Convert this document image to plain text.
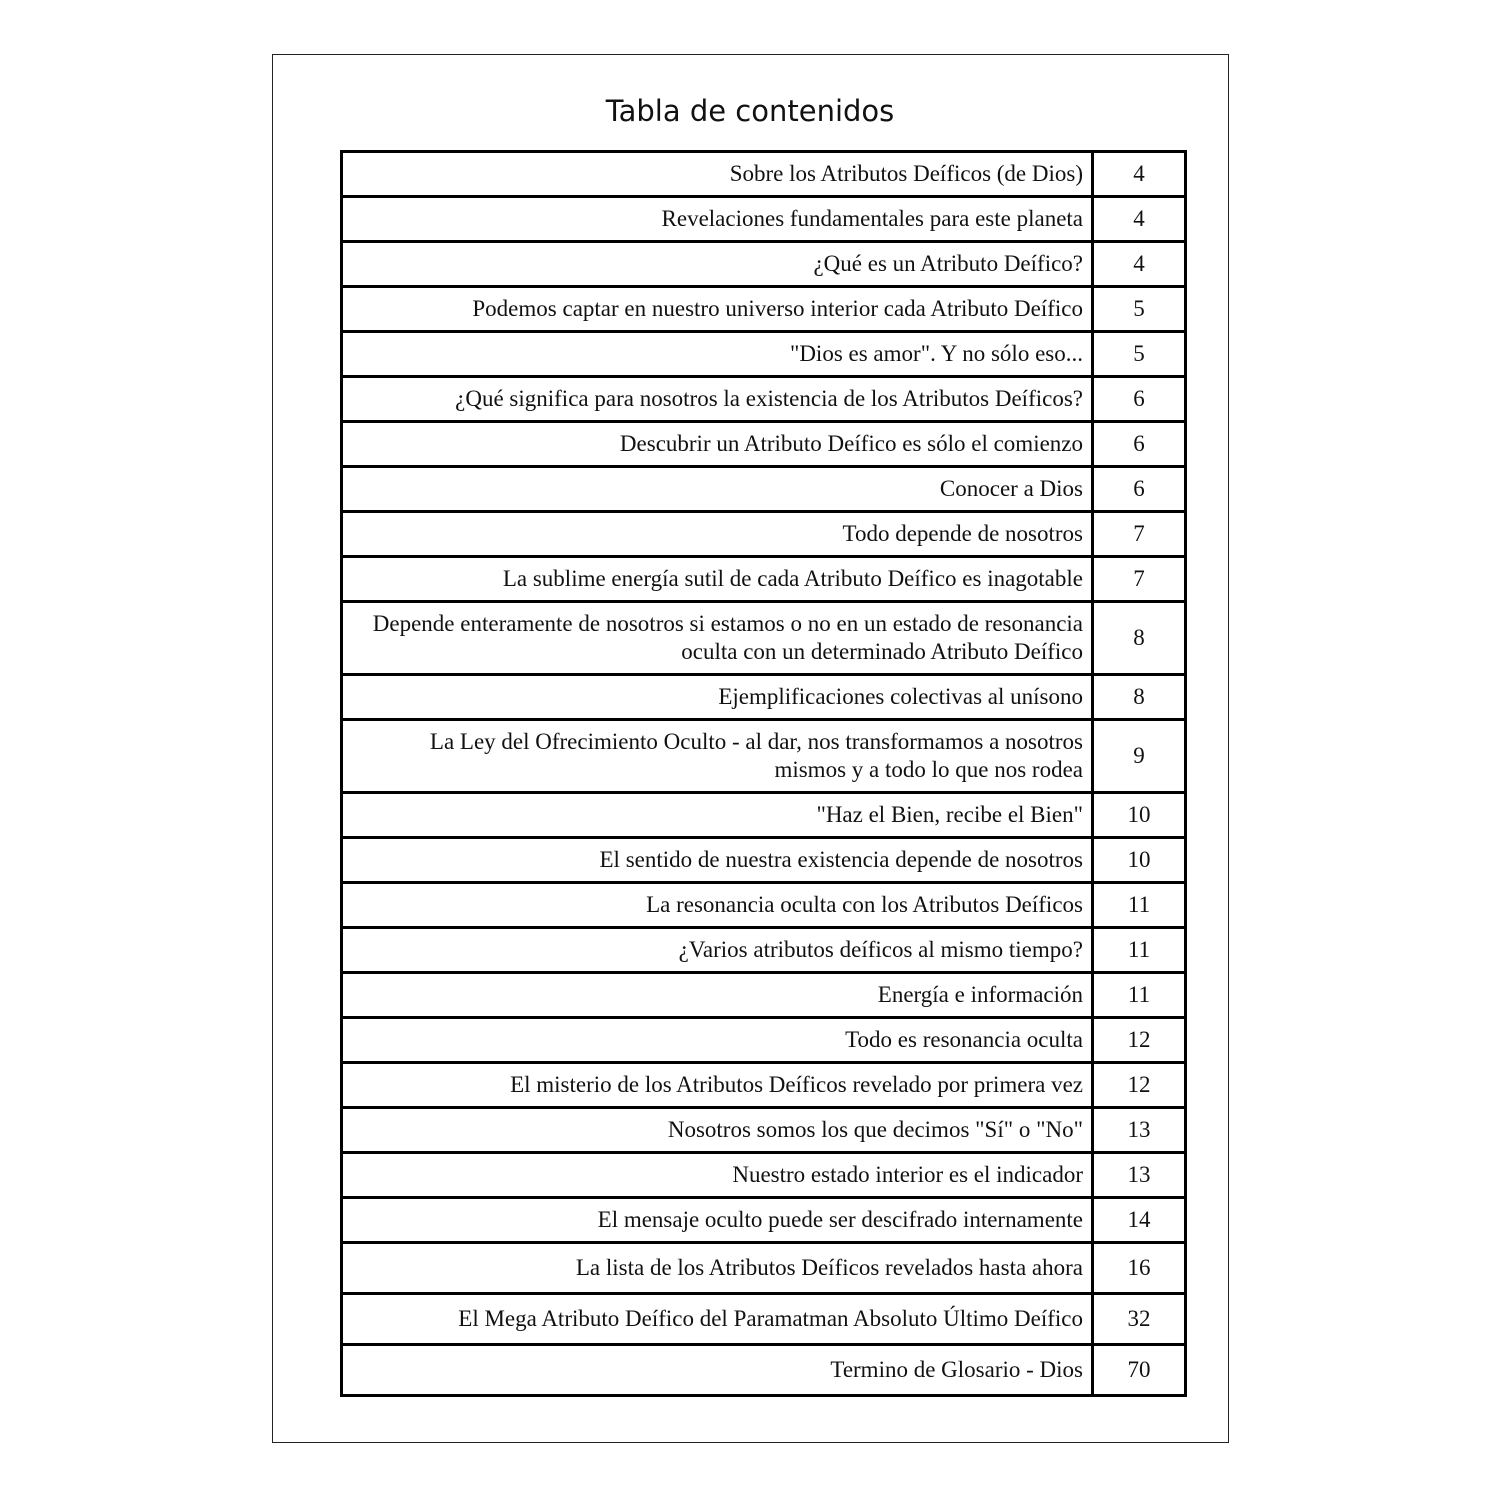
Tabla de contenidos
Sobre los Atributos Deíficos (de Dios)	4
Revelaciones fundamentales para este planeta	4
¿Qué es un Atributo Deífico?	4
Podemos captar en nuestro universo interior cada Atributo Deífico	5
"Dios es amor". Y no sólo eso...	5
¿Qué significa para nosotros la existencia de los Atributos Deíficos?	6
Descubrir un Atributo Deífico es sólo el comienzo	6
Conocer a Dios	6
Todo depende de nosotros	7
La sublime energía sutil de cada Atributo Deífico es inagotable	7
Depende enteramente de nosotros si estamos o no en un estado de resonancia oculta con un determinado Atributo Deífico	8
Ejemplificaciones colectivas al unísono	8
La Ley del Ofrecimiento Oculto - al dar, nos transformamos a nosotros mismos y a todo lo que nos rodea	9
"Haz el Bien, recibe el Bien"	10
El sentido de nuestra existencia depende de nosotros	10
La resonancia oculta con los Atributos Deíficos	11
¿Varios atributos deíficos al mismo tiempo?	11
Energía e información	11
Todo es resonancia oculta	12
El misterio de los Atributos Deíficos revelado por primera vez	12
Nosotros somos los que decimos "Sí" o "No"	13
Nuestro estado interior es el indicador	13
El mensaje oculto puede ser descifrado internamente	14
La lista de los Atributos Deíficos revelados hasta ahora	16
El Mega Atributo Deífico del Paramatman Absoluto Último Deífico	32
Termino de Glosario - Dios	70
